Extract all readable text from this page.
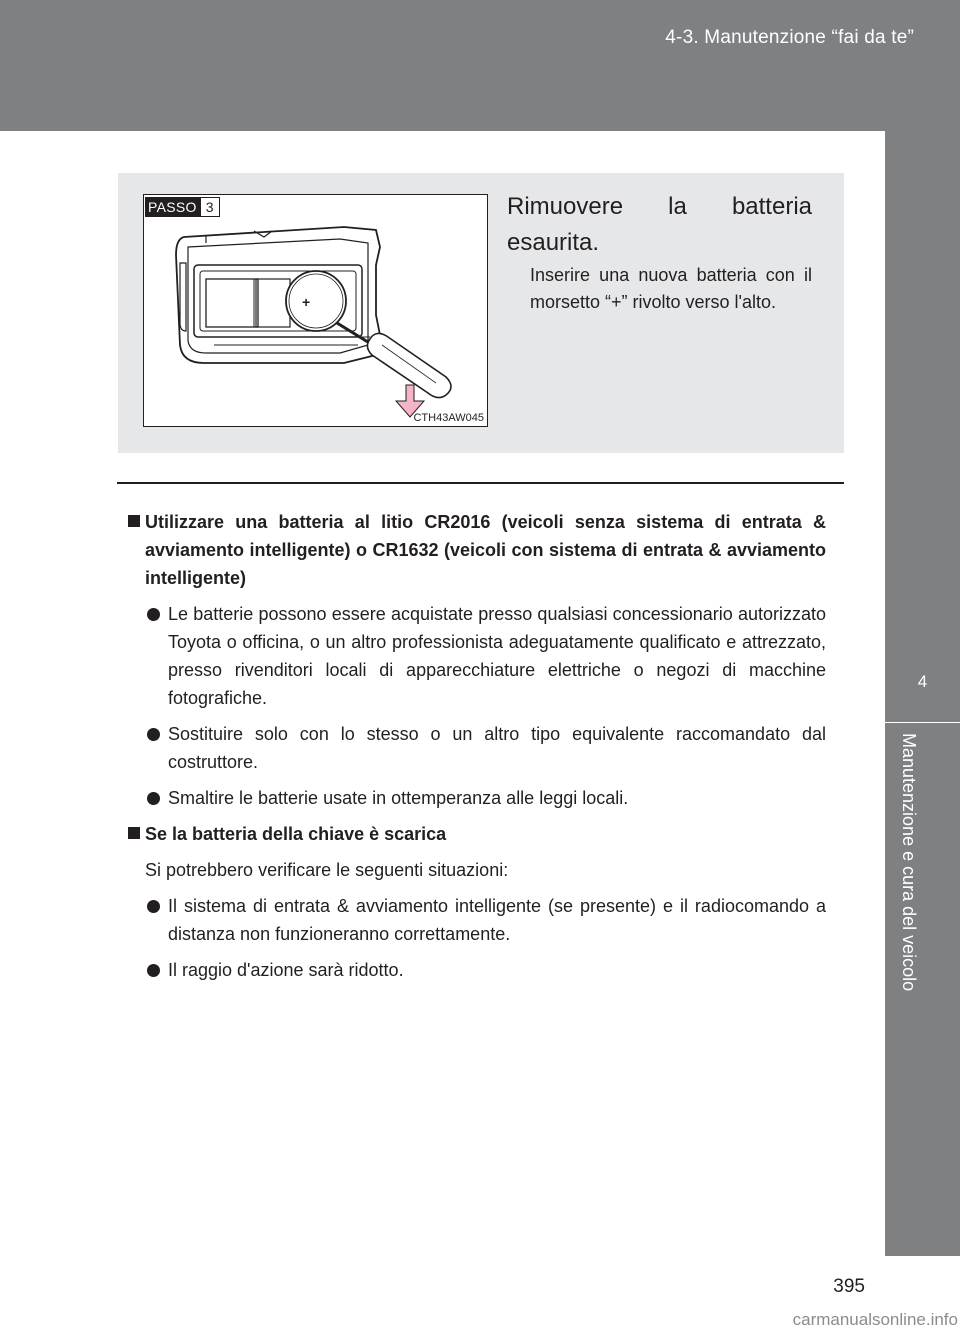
4-3. Manutenzione “fai da te”
4
Manutenzione e cura del veicolo
PASSO 3
+
CTH43AW045
Rimuovere la batteria esaurita.
Inserire una nuova batteria con il morsetto “+” rivolto verso l'alto.
Utilizzare una batteria al litio CR2016 (veicoli senza sistema di entrata & avviamento intelligente) o CR1632 (veicoli con sistema di entrata & avviamento intelligente)
Le batterie possono essere acquistate presso qualsiasi concessionario autorizzato Toyota o officina, o un altro professionista adeguatamente qualificato e attrezzato, presso rivenditori locali di apparecchiature elettriche o negozi di macchine fotografiche.
Sostituire solo con lo stesso o un altro tipo equivalente raccomandato dal costruttore.
Smaltire le batterie usate in ottemperanza alle leggi locali.
Se la batteria della chiave è scarica
Si potrebbero verificare le seguenti situazioni:
Il sistema di entrata & avviamento intelligente (se presente) e il radiocomando a distanza non funzioneranno correttamente.
Il raggio d'azione sarà ridotto.
395
carmanualsonline.info
